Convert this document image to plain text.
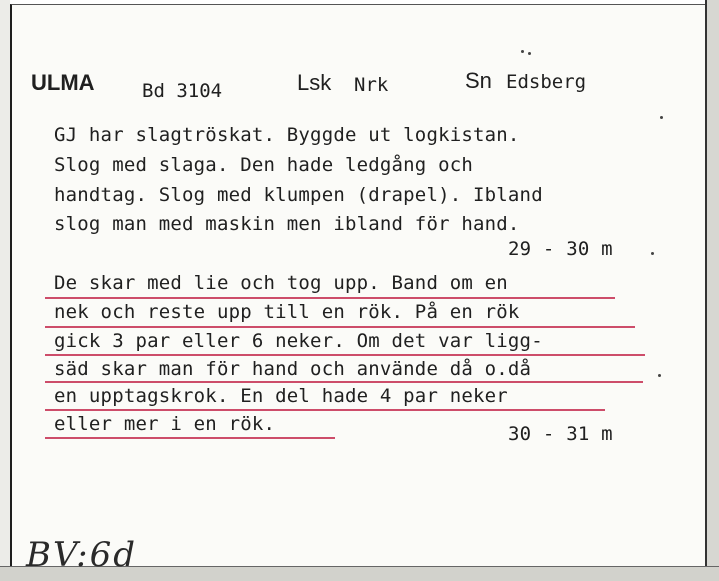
ULMA Bd 3104	Lsk Nrk	Sn Edsberg
GJ har slagtröskat. Byggde ut logkistan.
Slog med slaga. Den hade ledgång och
handtag. Slog med klumpen (drapel). Ibland
slog man med maskin men ibland för hand.
29 - 30 m
De skar med lie och tog upp. Band om en
nek och reste upp till en rök. På en rök
gick 3 par eller 6 neker. Om det var ligg-
säd skar man för hand och använde då o.då
en upptagskrok. En del hade 4 par neker
eller mer i en rök.	30 - 31 m
BV:6d
